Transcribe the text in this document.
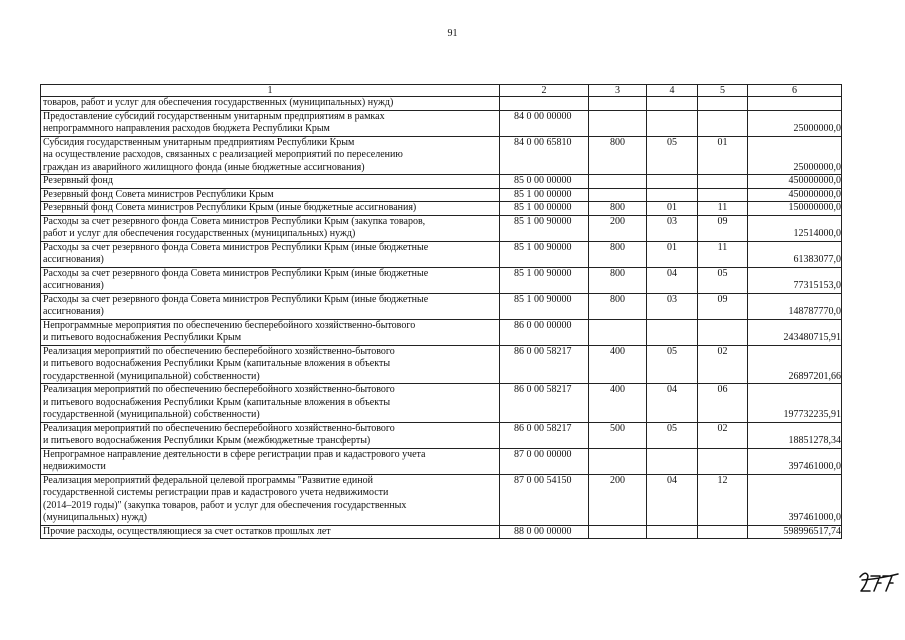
91
1	2	3	4	5	6

товаров, работ и услуг для обеспечения государственных (муниципальных) нужд)					

Предоставление субсидий государственным унитарным предприятиям в рамках
непрограммного направления расходов бюджета Республики Крым	84 0 00 00000				25000000,0

Субсидия государственным унитарным предприятиям Республики Крым
на осуществление расходов, связанных с реализацией мероприятий по переселению
граждан из аварийного жилищного фонда (иные бюджетные ассигнования)	84 0 00 65810	800	05	01	25000000,0

Резервный фонд	85 0 00 00000				450000000,0

Резервный фонд Совета министров Республики Крым	85 1 00 00000				450000000,0

Резервный фонд Совета министров Республики Крым (иные бюджетные ассигнования)	85 1 00 00000	800	01	11	150000000,0

Расходы за счет резервного фонда Совета министров Республики Крым (закупка товаров,
работ и услуг для обеспечения государственных (муниципальных) нужд)	85 1 00 90000	200	03	09	12514000,0

Расходы за счет резервного фонда Совета министров Республики Крым (иные бюджетные
ассигнования)	85 1 00 90000	800	01	11	61383077,0

Расходы за счет резервного фонда Совета министров Республики Крым (иные бюджетные
ассигнования)	85 1 00 90000	800	04	05	77315153,0

Расходы за счет резервного фонда Совета министров Республики Крым (иные бюджетные
ассигнования)	85 1 00 90000	800	03	09	148787770,0

Непрограммные мероприятия по обеспечению бесперебойного хозяйственно-бытового
и питьевого водоснабжения Республики Крым	86 0 00 00000				243480715,91

Реализация мероприятий по обеспечению бесперебойного хозяйственно-бытового
и питьевого водоснабжения Республики Крым (капитальные вложения в объекты
государственной (муниципальной) собственности)	86 0 00 58217	400	05	02	26897201,66

Реализация мероприятий по обеспечению бесперебойного хозяйственно-бытового
и питьевого водоснабжения Республики Крым (капитальные вложения в объекты
государственной (муниципальной) собственности)	86 0 00 58217	400	04	06	197732235,91

Реализация мероприятий по обеспечению бесперебойного хозяйственно-бытового
и питьевого водоснабжения Республики Крым (межбюджетные трансферты)	86 0 00 58217	500	05	02	18851278,34

Непрограмное направление деятельности в сфере регистрации прав и кадастрового учета
недвижимости	87 0 00 00000				397461000,0

Реализация мероприятий федеральной целевой программы "Развитие единой
государственной системы регистрации прав и кадастрового учета недвижимости
(2014–2019 годы)" (закупка товаров, работ и услуг для обеспечения государственных
(муниципальных) нужд)	87 0 00 54150	200	04	12	397461000,0

Прочие расходы, осуществляющиеся за счет остатков прошлых лет	88 0 00 00000				598996517,74
